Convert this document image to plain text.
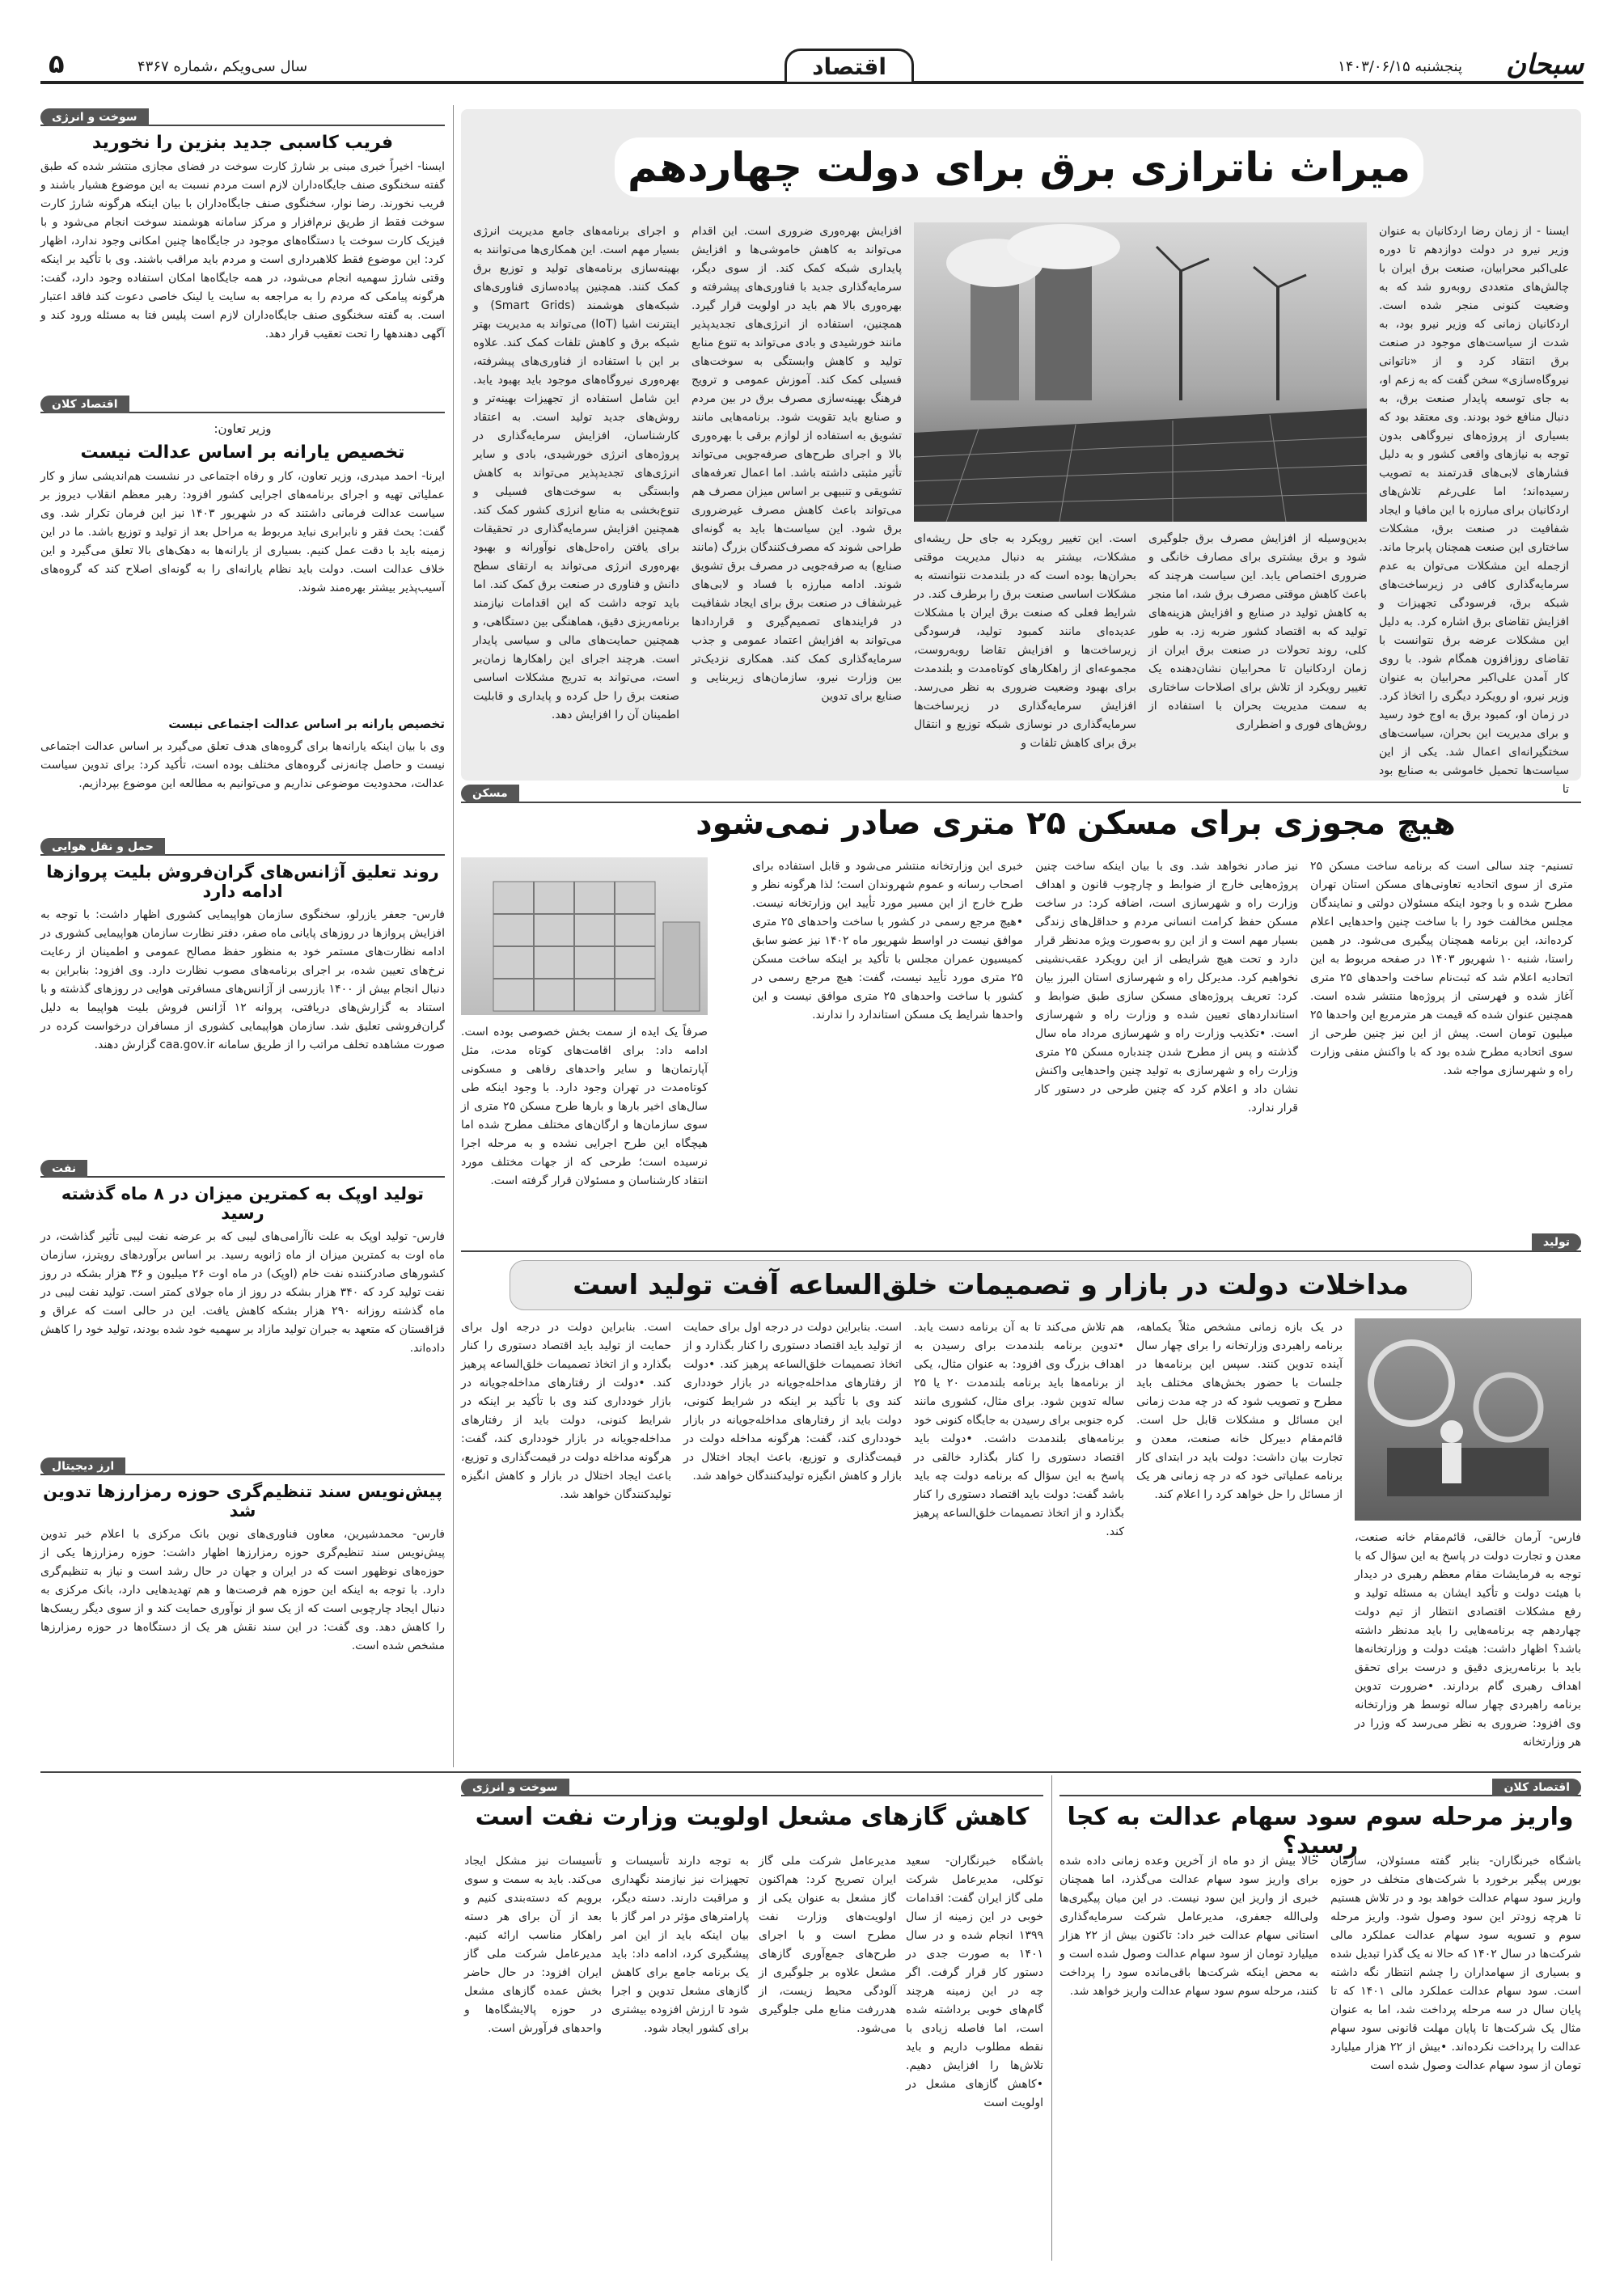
سبحان
پنجشنبه ۱۴۰۳/۰۶/۱۵
اقتصاد
سال سی‌ویکم ،شماره ۴۳۶۷
۵
سوخت و انرژی
فریب کاسبی جدید بنزین را نخورید
ایسنا- اخیراً خبری مبنی بر شارژ کارت سوخت در فضای مجازی منتشر شده که طبق گفته سخنگوی صنف جایگاه‌داران لازم است مردم نسبت به این موضوع هشیار باشند و فریب نخورند. رضا نوار، سخنگوی صنف جایگاه‌داران با بیان اینکه هرگونه شارژ کارت سوخت فقط از طریق نرم‌افزار و مرکز سامانه هوشمند سوخت انجام می‌شود و با فیزیک کارت سوخت یا دستگاه‌های موجود در جایگاه‌ها چنین امکانی وجود ندارد، اظهار کرد: این موضوع فقط کلاهبرداری است و مردم باید مراقب باشند. وی با تأکید بر اینکه وقتی شارژ سهمیه انجام می‌شود، در همه جایگاه‌ها امکان استفاده وجود دارد، گفت: هرگونه پیامکی که مردم را به مراجعه به سایت یا لینک خاصی دعوت کند فاقد اعتبار است. به گفته سخنگوی صنف جایگاه‌داران لازم است پلیس فتا به مسئله ورود کند و آگهی دهندهها را تحت تعقیب قرار دهد.
اقتصاد کلان
وزیر تعاون:
تخصیص یارانه بر اساس عدالت نیست
ایرنا- احمد میدری، وزیر تعاون، کار و رفاه اجتماعی در نشست هم‌اندیشی ساز و کار عملیاتی تهیه و اجرای برنامه‌های اجرایی کشور افزود: رهبر معظم انقلاب دیروز بر سیاست عدالت فرمانی داشتند که در شهریور ۱۴۰۳ نیز این فرمان تکرار شد. وی گفت: بحث فقر و نابرابری نباید مربوط به مراحل بعد از تولید و توزیع باشد. ما در این زمینه باید با دقت عمل کنیم. بسیاری از یارانه‌ها به دهک‌های بالا تعلق می‌گیرد و این خلاف عدالت است. دولت باید نظام یارانه‌ای را به گونه‌ای اصلاح کند که گروه‌های آسیب‌پذیر بیشتر بهره‌مند شوند.
تخصیص یارانه بر اساس عدالت اجتماعی نیست
وی با بیان اینکه یارانه‌ها برای گروه‌های هدف تعلق می‌گیرد بر اساس عدالت اجتماعی نیست و حاصل چانه‌زنی گروه‌های مختلف بوده است، تأکید کرد: برای تدوین سیاست عدالت، محدودیت موضوعی نداریم و می‌توانیم به مطالعه این موضوع بپردازیم.
حمل و نقل هوایی
روند تعلیق آژانس‌های گران‌فروش بلیت پروازها ادامه دارد
فارس- جعفر یازرلو، سخنگوی سازمان هواپیمایی کشوری اظهار داشت: با توجه به افزایش پروازها در روزهای پایانی ماه صفر، دفتر نظارت سازمان هواپیمایی کشوری در ادامه نظارت‌های مستمر خود به منظور حفظ مصالح عمومی و اطمینان از رعایت نرخ‌های تعیین شده، بر اجرای برنامه‌های مصوب نظارت دارد. وی افزود: بنابراین به دنبال انجام بیش از ۱۴۰۰ بازرسی از آژانس‌های مسافرتی هوایی در روزهای گذشته و با استناد به گزارش‌های دریافتی، پروانه ۱۲ آژانس فروش بلیت هواپیما به دلیل گران‌فروشی تعلیق شد. سازمان هواپیمایی کشوری از مسافران درخواست کرده در صورت مشاهده تخلف مراتب را از طریق سامانه caa.gov.ir گزارش دهند.
نفت
تولید اوپک به کمترین میزان در ۸ ماه گذشته رسید
فارس- تولید اوپک به علت ناآرامی‌های لیبی که بر عرضه نفت لیبی تأثیر گذاشت، در ماه اوت به کمترین میزان از ماه ژانویه رسید. بر اساس برآوردهای رویترز، سازمان کشورهای صادرکننده نفت خام (اوپک) در ماه اوت ۲۶ میلیون و ۳۶ هزار بشکه در روز نفت تولید کرد که ۳۴۰ هزار بشکه در روز از ماه جولای کمتر است. تولید نفت لیبی در ماه گذشته روزانه ۲۹۰ هزار بشکه کاهش یافت. این در حالی است که عراق و قزاقستان که متعهد به جبران تولید مازاد بر سهمیه خود شده بودند، تولید خود را کاهش داده‌اند.
ارز دیجیتال
پیش‌نویس سند تنظیم‌گری حوزه رمزارزها تدوین شد
فارس- محمدشیرین، معاون فناوری‌های نوین بانک مرکزی با اعلام خبر تدوین پیش‌نویس سند تنظیم‌گری حوزه رمزارزها اظهار داشت: حوزه رمزارزها یکی از حوزه‌های نوظهور است که در ایران و جهان در حال رشد است و نیاز به تنظیم‌گری دارد. با توجه به اینکه این حوزه هم فرصت‌ها و هم تهدیدهایی دارد، بانک مرکزی به دنبال ایجاد چارچوبی است که از یک سو از نوآوری حمایت کند و از سوی دیگر ریسک‌ها را کاهش دهد. وی گفت: در این سند نقش هر یک از دستگاه‌ها در حوزه رمزارزها مشخص شده است.
میراث ناترازی برق برای دولت چهاردهم
ایسنا - از زمان رضا اردکانیان به عنوان وزیر نیرو در دولت دوازدهم تا دوره علی‌اکبر محرابیان، صنعت برق ایران با چالش‌های متعددی روبه‌رو شد که به وضعیت کنونی منجر شده است. اردکانیان زمانی که وزیر نیرو بود، به شدت از سیاست‌های موجود در صنعت برق انتقاد کرد و از «ناتوانی نیروگاه‌سازی» سخن گفت که به زعم او، به جای توسعه پایدار صنعت برق، به دنبال منافع خود بودند. وی معتقد بود که بسیاری از پروژه‌های نیروگاهی بدون توجه به نیازهای واقعی کشور و به دلیل فشارهای لابی‌های قدرتمند به تصویب رسیده‌اند؛ اما علی‌رغم تلاش‌های اردکانیان برای مبارزه با این مافیا و ایجاد شفافیت در صنعت برق، مشکلات ساختاری این صنعت همچنان پابرجا ماند. ازجمله این مشکلات می‌توان به عدم سرمایه‌گذاری کافی در زیرساخت‌های شبکه برق، فرسودگی تجهیزات و افزایش تقاضای برق اشاره کرد. به دلیل این مشکلات عرضه برق نتوانست با تقاضای روزافزون همگام شود. با روی کار آمدن علی‌اکبر محرابیان به عنوان وزیر نیرو، او رویکرد دیگری را اتخاذ کرد. در زمان او، کمبود برق به اوج خود رسید و برای مدیریت این بحران، سیاست‌های سختگیرانه‌ای اعمال شد. یکی از این سیاست‌ها تحمیل خاموشی به صنایع بود تا
بدین‌وسیله از افزایش مصرف برق جلوگیری شود و برق بیشتری برای مصارف خانگی و ضروری اختصاص یابد. این سیاست هرچند که باعث کاهش موقتی مصرف برق شد، اما منجر به کاهش تولید در صنایع و افزایش هزینه‌های تولید که به اقتصاد کشور ضربه زد. به طور کلی، روند تحولات در صنعت برق ایران از زمان اردکانیان تا محرابیان نشان‌دهنده یک تغییر رویکرد از تلاش برای اصلاحات ساختاری به سمت مدیریت بحران با استفاده از روش‌های فوری و اضطراری
است. این تغییر رویکرد به جای حل ریشه‌ای مشکلات، بیشتر به دنبال مدیریت موقتی بحران‌ها بوده است که در بلندمدت نتوانسته به مشکلات اساسی صنعت برق را برطرف کند. در شرایط فعلی که صنعت برق ایران با مشکلات عدیده‌ای مانند کمبود تولید، فرسودگی زیرساخت‌ها و افزایش تقاضا روبه‌روست، مجموعه‌ای از راهکارهای کوتاه‌مدت و بلندمدت برای بهبود وضعیت ضروری به نظر می‌رسد. افزایش سرمایه‌گذاری در زیرساخت‌ها سرمایه‌گذاری در نوسازی شبکه توزیع و انتقال برق برای کاهش تلفات و
افزایش بهره‌وری ضروری است. این اقدام می‌تواند به کاهش خاموشی‌ها و افزایش پایداری شبکه کمک کند. از سوی دیگر، سرمایه‌گذاری جدید با فناوری‌های پیشرفته و بهره‌وری بالا هم باید در اولویت قرار گیرد. همچنین، استفاده از انرژی‌های تجدیدپذیر مانند خورشیدی و بادی می‌تواند به تنوع منابع تولید و کاهش وابستگی به سوخت‌های فسیلی کمک کند. آموزش عمومی و ترویج فرهنگ بهینه‌سازی مصرف برق در بین مردم و صنایع باید تقویت شود. برنامه‌هایی مانند تشویق به استفاده از لوازم برقی با بهره‌وری بالا و اجرای طرح‌های صرفه‌جویی می‌تواند تأثیر مثبتی داشته باشد. اما اعمال تعرفه‌های تشویقی و تنبیهی بر اساس میزان مصرف هم می‌تواند باعث کاهش مصرف غیرضروری برق شود. این سیاست‌ها باید به گونه‌ای طراحی شوند که مصرف‌کنندگان بزرگ (مانند صنایع) به صرفه‌جویی در مصرف برق تشویق شوند. ادامه مبارزه با فساد و لابی‌های غیرشفاف در صنعت برق برای ایجاد شفافیت در فرایندهای تصمیم‌گیری و قراردادها می‌تواند به افزایش اعتماد عمومی و جذب سرمایه‌گذاری کمک کند. همکاری نزدیک‌تر بین وزارت نیرو، سازمان‌های زیربنایی و صنایع برای تدوین
و اجرای برنامه‌های جامع مدیریت انرژی بسیار مهم است. این همکاری‌ها می‌توانند به بهینه‌سازی برنامه‌های تولید و توزیع برق کمک کنند. همچنین پیاده‌سازی فناوری‌های شبکه‌های هوشمند (Smart Grids) و اینترنت اشیا (IoT) می‌تواند به مدیریت بهتر شبکه برق و کاهش تلفات کمک کند. علاوه بر این با استفاده از فناوری‌های پیشرفته، بهره‌وری نیروگاه‌های موجود باید بهبود یابد. این شامل استفاده از تجهیزات بهینه‌تر و روش‌های جدید تولید است. به اعتقاد کارشناسان، افزایش سرمایه‌گذاری در پروژه‌های انرژی خورشیدی، بادی و سایر انرژی‌های تجدیدپذیر می‌تواند به کاهش وابستگی به سوخت‌های فسیلی و تنوع‌بخشی به منابع انرژی کشور کمک کند. همچنین افزایش سرمایه‌گذاری در تحقیقات برای یافتن راه‌حل‌های نوآورانه و بهبود بهره‌وری انرژی می‌تواند به ارتقای سطح دانش و فناوری در صنعت برق کمک کند. اما باید توجه داشت که این اقدامات نیازمند برنامه‌ریزی دقیق، هماهنگی بین دستگاهی، و همچنین حمایت‌های مالی و سیاسی پایدار است. هرچند اجرای این راهکارها زمان‌بر است، می‌تواند به تدریج مشکلات اساسی صنعت برق را حل کرده و پایداری و قابلیت اطمینان آن را افزایش دهد.
مسکن
هیچ مجوزی برای مسکن ۲۵ متری صادر نمی‌شود
تسنیم- چند سالی است که برنامه ساخت مسکن ۲۵ متری از سوی اتحادیه تعاونی‌های مسکن استان تهران مطرح شده و با وجود اینکه مسئولان دولتی و نمایندگان مجلس مخالفت خود را با ساخت چنین واحدهایی اعلام کرده‌اند، این برنامه همچنان پیگیری می‌شود. در همین راستا، شنبه ۱۰ شهریور ۱۴۰۳ در صفحه مربوط به این اتحادیه اعلام شد که ثبت‌نام ساخت واحدهای ۲۵ متری آغاز شده و فهرستی از پروژه‌ها منتشر شده است. همچنین عنوان شده که قیمت هر مترمربع این واحدها ۲۵ میلیون تومان است. پیش از این نیز چنین طرحی از سوی اتحادیه مطرح شده بود که با واکنش منفی وزارت راه و شهرسازی مواجه شد.
نیز صادر نخواهد شد. وی با بیان اینکه ساخت چنین پروژه‌هایی خارج از ضوابط و چارچوب قانون و اهداف وزارت راه و شهرسازی است، اضافه کرد: در ساخت مسکن حفظ کرامت انسانی مردم و حداقل‌های زندگی بسیار مهم است و از این رو به‌صورت ویژه مدنظر قرار دارد و تحت هیچ شرایطی از این رویکرد عقب‌نشینی نخواهیم کرد. مدیرکل راه و شهرسازی استان البرز بیان کرد: تعریف پروژه‌های مسکن سازی طبق ضوابط و استانداردهای تعیین شده و وزارت راه و شهرسازی است. •تکذیب وزارت راه و شهرسازی مرداد ماه سال گذشته و پس از مطرح شدن چندباره مسکن ۲۵ متری وزارت راه و شهرسازی به تولید چنین واحدهایی واکنش نشان داد و اعلام کرد که چنین طرحی در دستور کار قرار ندارد.
خبری این وزارتخانه منتشر می‌شود و قابل استفاده برای اصحاب رسانه و عموم شهروندان است؛ لذا هرگونه نظر و طرح خارج از این مسیر مورد تأیید این وزارتخانه نیست. •هیچ مرجع رسمی در کشور با ساخت واحدهای ۲۵ متری موافق نیست در اواسط شهریور ماه ۱۴۰۲ نیز عضو سابق کمیسیون عمران مجلس با تأکید بر اینکه ساخت مسکن ۲۵ متری مورد تأیید نیست، گفت: هیچ مرجع رسمی در کشور با ساخت واحدهای ۲۵ متری موافق نیست و این واحدها شرایط یک مسکن استاندارد را ندارند.
صرفاً یک ایده از سمت بخش خصوصی بوده است. ادامه داد: برای اقامت‌های کوتاه مدت، مثل آپارتمان‌ها و سایر واحدهای رفاهی و مسکونی کوتاه‌مدت در تهران وجود دارد. با وجود اینکه طی سال‌های اخیر بارها و بارها طرح مسکن ۲۵ متری از سوی سازمان‌ها و ارگان‌های مختلف مطرح شده اما هیچگاه این طرح اجرایی نشده و به مرحله اجرا نرسیده است؛ طرحی که از جهات مختلف مورد انتقاد کارشناسان و مسئولان قرار گرفته است.
تولید
مداخلات دولت در بازار و تصمیمات خلق‌الساعه آفت تولید است
فارس- آرمان خالقی، قائم‌مقام خانه صنعت، معدن و تجارت دولت در پاسخ به این سؤال که با توجه به فرمایشات مقام معظم رهبری در دیدار با هیئت دولت و تأکید ایشان به مسئله تولید و رفع مشکلات اقتصادی انتظار از تیم دولت چهاردهم چه برنامه‌هایی را باید مدنظر داشته باشد؟ اظهار داشت: هیئت دولت و وزارتخانه‌ها باید با برنامه‌ریزی دقیق و درست برای تحقق اهداف رهبری گام بردارند. •ضرورت تدوین برنامه راهبردی چهار ساله توسط هر وزارتخانه وی افزود: ضروری به نظر می‌رسد که وزرا در هر وزارتخانه
در یک بازه زمانی مشخص مثلاً یکماهه، برنامه راهبردی وزارتخانه را برای چهار سال آینده تدوین کنند. سپس این برنامه‌ها در جلسات با حضور بخش‌های مختلف باید مطرح و تصویب شود که در چه مدت زمانی این مسائل و مشکلات قابل حل است. قائم‌مقام دبیرکل خانه صنعت، معدن و تجارت بیان داشت: دولت باید در ابتدای کار برنامه عملیاتی خود که در چه زمانی هر یک از مسائل را حل خواهد کرد را اعلام کند.
هم تلاش می‌کند تا به آن برنامه دست یابد. •تدوین برنامه بلندمدت برای رسیدن به اهداف بزرگ وی افزود: به عنوان مثال، یکی از برنامه‌ها باید برنامه بلندمدت ۲۰ یا ۲۵ ساله تدوین شود. برای مثال، کشوری مانند کره جنوبی برای رسیدن به جایگاه کنونی خود برنامه‌های بلندمدت داشت. •دولت باید اقتصاد دستوری را کنار بگذارد خالقی در پاسخ به این سؤال که برنامه دولت چه باید باشد گفت: دولت باید اقتصاد دستوری را کنار بگذارد و از اتخاذ تصمیمات خلق‌الساعه پرهیز کند.
است. بنابراین دولت در درجه اول برای حمایت از تولید باید اقتصاد دستوری را کنار بگذارد و از اتخاذ تصمیمات خلق‌الساعه پرهیز کند. •دولت از رفتارهای مداخله‌جویانه در بازار خودداری کند وی با تأکید بر اینکه در شرایط کنونی، دولت باید از رفتارهای مداخله‌جویانه در بازار خودداری کند، گفت: هرگونه مداخله دولت در قیمت‌گذاری و توزیع، باعث ایجاد اختلال در بازار و کاهش انگیزه تولیدکنندگان خواهد شد.
است. بنابراین دولت در درجه اول برای حمایت از تولید باید اقتصاد دستوری را کنار بگذارد و از اتخاذ تصمیمات خلق‌الساعه پرهیز کند. •دولت از رفتارهای مداخله‌جویانه در بازار خودداری کند وی با تأکید بر اینکه در شرایط کنونی، دولت باید از رفتارهای مداخله‌جویانه در بازار خودداری کند، گفت: هرگونه مداخله دولت در قیمت‌گذاری و توزیع، باعث ایجاد اختلال در بازار و کاهش انگیزه تولیدکنندگان خواهد شد.
اقتصاد کلان
واریز مرحله سوم سود سهام عدالت به کجا رسید؟
باشگاه خبرنگاران- بنابر گفته مسئولان، سازمان بورس پیگیر برخورد با شرکت‌های متخلف در حوزه واریز سود سهام عدالت خواهد بود و در تلاش هستیم تا هرچه زودتر این سود وصول شود. واریز مرحله سوم و تسویه سود سهام عدالت عملکرد مالی شرکت‌ها در سال ۱۴۰۲ که حالا نه یک گذرا تبدیل شده و بسیاری از سهامداران را چشم انتظار نگه داشته است. سود سهام عدالت عملکرد مالی ۱۴۰۱ که تا پایان سال در سه مرحله پرداخت شد، اما به عنوان مثال یک شرکت‌ها تا پایان مهلت قانونی سود سهام عدالت را پرداخت نکرده‌اند. •بیش از ۲۲ هزار میلیارد تومان از سود سهام عدالت وصول شده است
حالا بیش از دو ماه از آخرین وعده زمانی داده شده برای واریز سود سهام عدالت می‌گذرد، اما همچنان خبری از واریز این سود نیست. در این میان پیگیری‌ها ولی‌الله جعفری، مدیرعامل شرکت سرمایه‌گذاری استانی سهام عدالت خبر داد: تاکنون بیش از ۲۲ هزار میلیارد تومان از سود سهام عدالت وصول شده است و به محض اینکه شرکت‌ها باقی‌مانده سود را پرداخت کنند، مرحله سوم سود سهام عدالت واریز خواهد شد.
سوخت و انرژی
کاهش گازهای مشعل اولویت وزارت نفت است
باشگاه خبرنگاران- سعید توکلی، مدیرعامل شرکت ملی گاز ایران گفت: اقدامات خوبی در این زمینه از سال ۱۳۹۹ انجام شده و در سال ۱۴۰۱ به صورت جدی در دستور کار قرار گرفت. اگر چه در این زمینه هرچند گام‌های خوبی برداشته شده است، اما فاصله زیادی با نقطه مطلوب داریم و باید تلاش‌ها را افزایش دهیم. •کاهش گازهای مشعل در اولویت است
مدیرعامل شرکت ملی گاز ایران تصریح کرد: هم‌اکنون گاز مشعل به عنوان یکی از اولویت‌های وزارت نفت مطرح است و با اجرای طرح‌های جمع‌آوری گازهای مشعل علاوه بر جلوگیری از آلودگی محیط زیست، از هدررفت منابع ملی جلوگیری می‌شود.
به توجه دارند تأسیسات و تجهیزات نیز نیازمند نگهداری و مراقبت دارند. دسته دیگر، پارامترهای مؤثر در امر گاز با بیان اینکه باید از این امر پیشگیری کرد، ادامه داد: باید یک برنامه جامع برای کاهش گازهای مشعل تدوین و اجرا شود تا ارزش افزوده بیشتری برای کشور ایجاد شود.
تأسیسات نیز مشکل ایجاد می‌کند. باید به سمت و سوی برویم که دسته‌بندی کنیم و بعد از آن برای هر دسته راهکار مناسب ارائه کنیم. مدیرعامل شرکت ملی گاز ایران افزود: در حال حاضر بخش عمده گازهای مشعل در حوزه پالایشگاه‌ها و واحدهای فرآورش است.
